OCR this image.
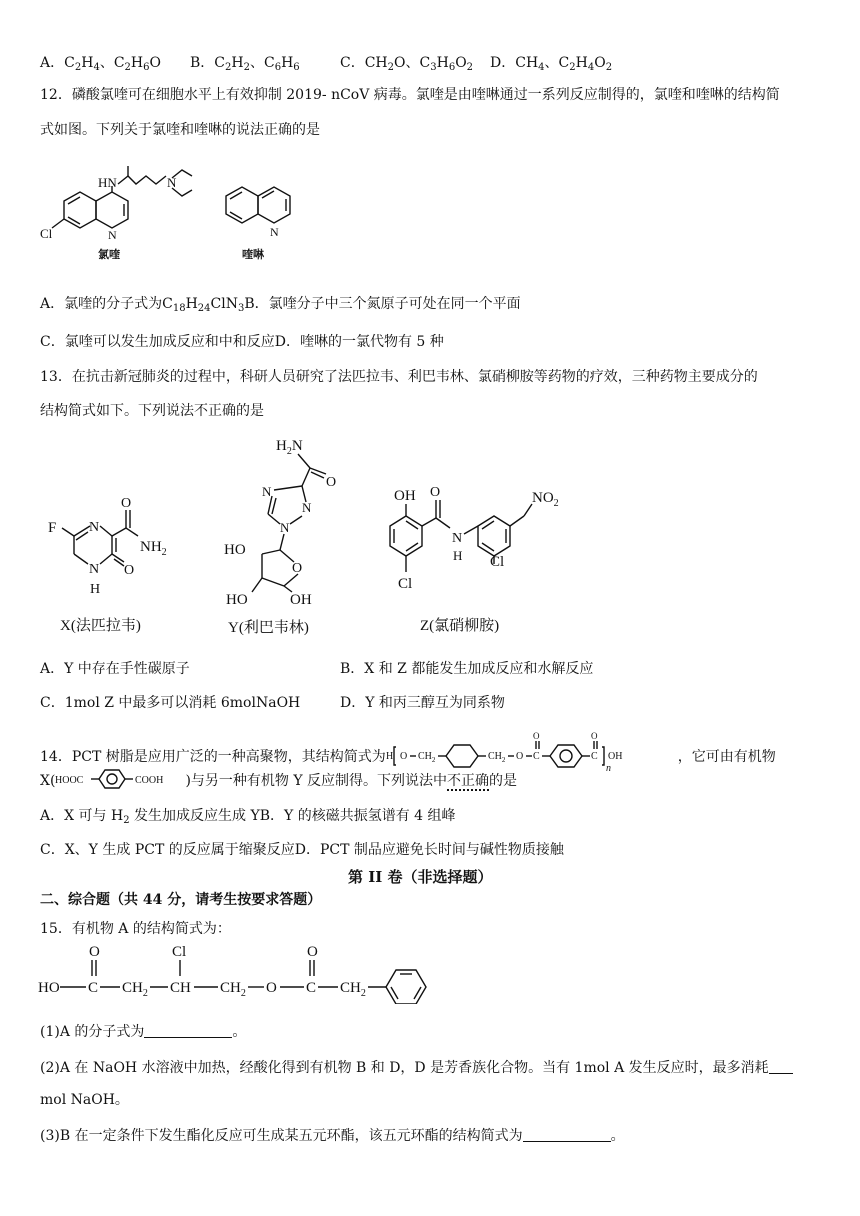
A．$C_2H_4$、$C_2H_6O$ B．$C_2H_2$、$C_6H_6$	C．$CH_2O$、$C_3H_6O_2$ D．$CH_4$、$C_2H_4O_2$
12．磷酸氯喹可在细胞水平上有效抑制 2019- nCoV 病毒。氯喹是由喹啉通过一系列反应制得的，氯喹和喹啉的结构简
式如图。下列关于氯喹和喹啉的说法正确的是
HN	N
N
Cl
氯喹
N
喹啉
A．氯喹的分子式为$C_{18}H_{24}ClN_3B$．氯喹分子中三个氮原子可处在同一个平面
C．氯喹可以发生加成反应和中和反应D．喹啉的一氯代物有 5 种
13．在抗击新冠肺炎的过程中，科研人员研究了法匹拉韦、利巴韦林、氯硝柳胺等药物的疗效，三种药物主要成分的
结构简式如下。下列说法不正确的是
F N
N
H
O
$NH_2$
O
X(法匹拉韦)
$H_2N$
O
N
N
N
O
HO
HO	OH
Y(利巴韦林)
OH
Cl
O
N
H
$NO_2$
Cl
Z(氯硝柳胺)
A．Y 中存在手性碳原子	B．X 和 Z 都能发生加成反应和水解反应
C．1mol Z 中最多可以消耗 6molNaOH	D．Y 和丙三醇互为同系物
14．PCT 树脂是应用广泛的一种高聚物，其结构简式为 H O $CH_2$	$CH_2$ O C
O
C
O
n
OH	，它可由有机物
X( HOOC	COOH )与另一种有机物 Y 反应制得。下列说法中不正确的是
A．X 可与 $H_2$ 发生加成反应生成 YB．Y 的核磁共振氢谱有 4 组峰
C．X、Y 生成 PCT 的反应属于缩聚反应D．PCT 制品应避免长时间与碱性物质接触
第 II 卷（非选择题）
二、综合题（共 44 分，请考生按要求答题）
15．有机物 A 的结构简式为：
HO C
O
$CH_2$ CH
Cl
$CH_2$ O C
O
$CH_2$
(1)A 的分子式为	。
(2)A 在 NaOH 水溶液中加热，经酸化得到有机物 B 和 D，D 是芳香族化合物。当有 1mol A 发生反应时，最多消耗
mol NaOH。
(3)B 在一定条件下发生酯化反应可生成某五元环酯，该五元环酯的结构简式为	。
